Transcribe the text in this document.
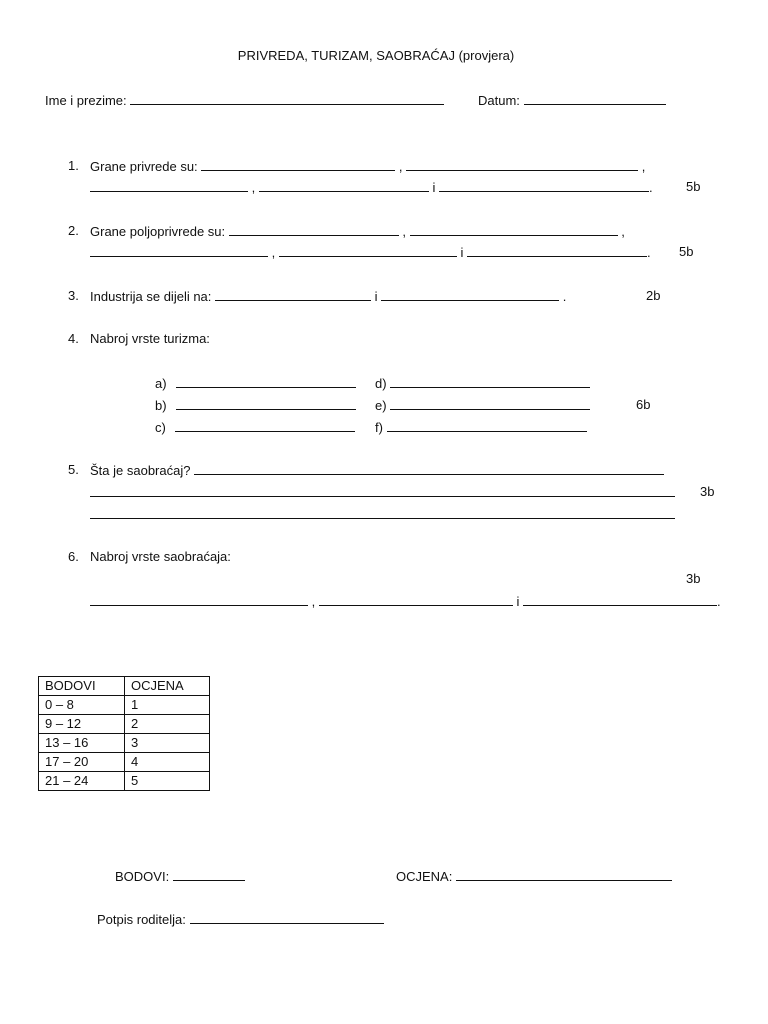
PRIVREDA, TURIZAM, SAOBRAĆAJ (provjera)
Ime i prezime:	Datum:
1. Grane privrede su:	,	,
,	i	.	5b
2. Grane poljoprivrede su:	,	,
,	i	. 5b
3. Industrija se dijeli na:	i	.	2b
4. Nabroj vrste turizma:
a)
b)
c)
d)
e)
f)
6b
5. Šta je saobraćaj?
3b
6. Nabroj vrste saobraćaja:
3b
,	i	.
BODOVI	OCJENA
0 – 8	1
9 – 12	2
13 – 16	3
17 – 20	4
21 – 24	5
BODOVI:	OCJENA:
Potpis roditelja:
